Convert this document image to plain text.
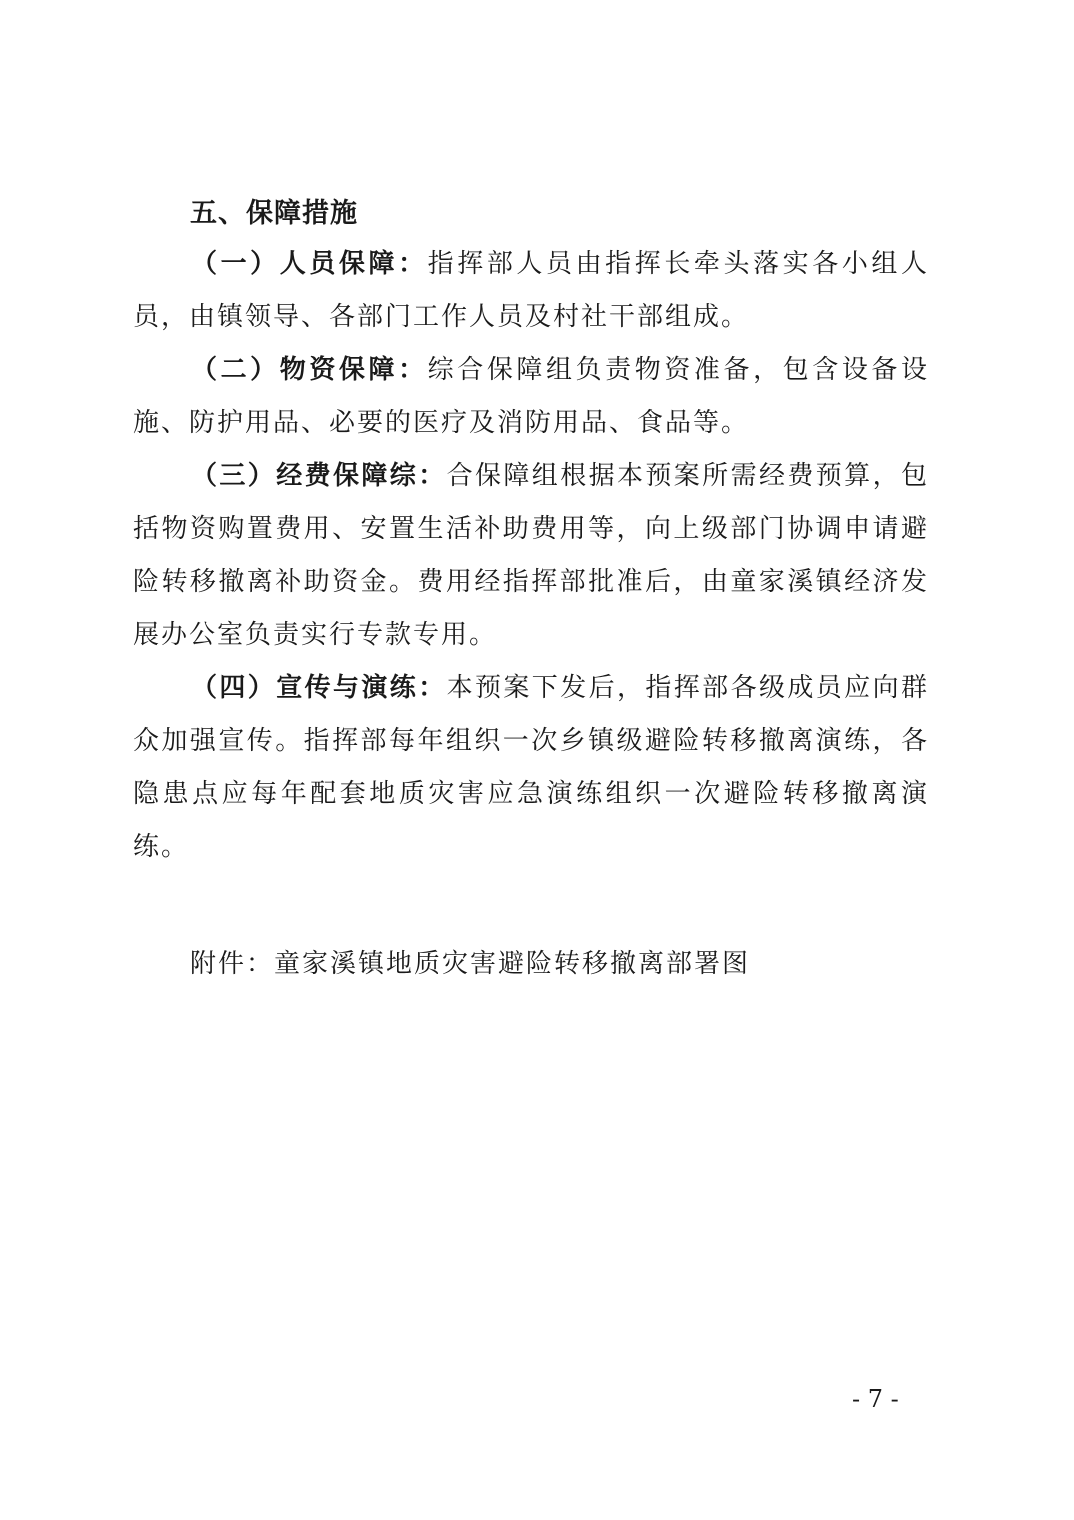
五、保障措施

（一）人员保障：指挥部人员由指挥长牵头落实各小组人员，由镇领导、各部门工作人员及村社干部组成。

（二）物资保障：综合保障组负责物资准备，包含设备设施、防护用品、必要的医疗及消防用品、食品等。

（三）经费保障综：合保障组根据本预案所需经费预算，包括物资购置费用、安置生活补助费用等，向上级部门协调申请避险转移撤离补助资金。费用经指挥部批准后，由童家溪镇经济发展办公室负责实行专款专用。

（四）宣传与演练：本预案下发后，指挥部各级成员应向群众加强宣传。指挥部每年组织一次乡镇级避险转移撤离演练，各隐患点应每年配套地质灾害应急演练组织一次避险转移撤离演练。

附件：童家溪镇地质灾害避险转移撤离部署图
- 7 -
